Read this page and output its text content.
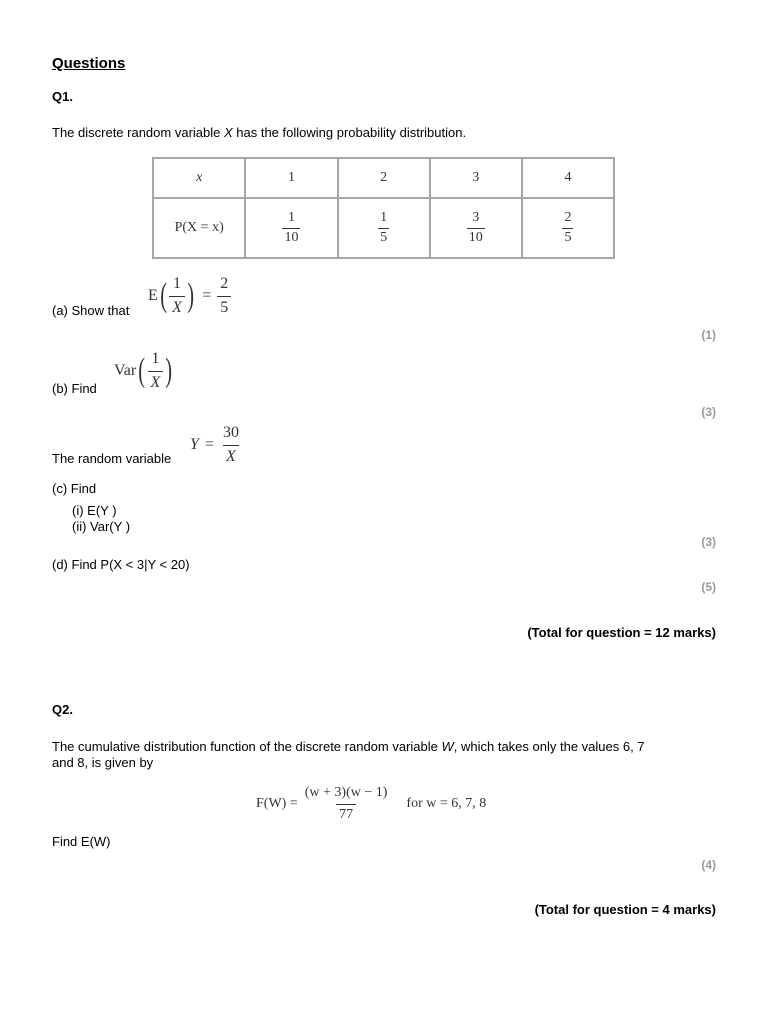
Questions
Q1.
The discrete random variable X has the following probability distribution.
x	1	2	3	4
P(X = x)	$\frac{1}{10}$	$\frac{1}{5}$	$\frac{3}{10}$	$\frac{2}{5}$
(a) Show that
E ( $\frac{1}{X}$ ) = $\frac{2}{5}$
(1)
(b) Find
Var ( $\frac{1}{X}$ )
(3)
The random variable
$Y = \frac{30}{X}$
(c) Find
(i) E(Y )
(ii) Var(Y )
(3)
(d) Find P(X < 3|Y < 20)
(5)
(Total for question = 12 marks)
Q2.
The cumulative distribution function of the discrete random variable W, which takes only the values 6, 7
and 8, is given by
$F(W) = \frac{(w + 3)(w - 1)}{77}$ for w = 6, 7, 8
Find E(W)
(4)
(Total for question = 4 marks)
